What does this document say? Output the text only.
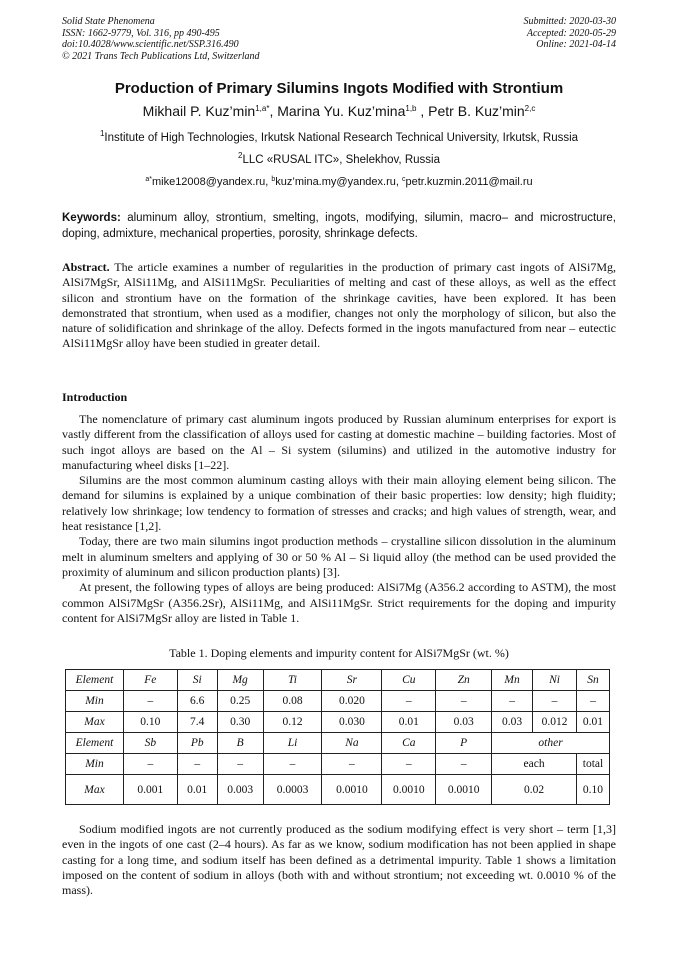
Solid State Phenomena
ISSN: 1662-9779, Vol. 316, pp 490-495
doi:10.4028/www.scientific.net/SSP.316.490
© 2021 Trans Tech Publications Ltd, Switzerland
Submitted: 2020-03-30
Accepted: 2020-05-29
Online: 2021-04-14
Production of Primary Silumins Ingots Modified with Strontium
Mikhail P. $Kuz’\min^{1,a*}$, Marina Yu. Kuz’mina$^{1,b}$ , Petr B. $Kuz’\min^{2,c}$
$^1$Institute of High Technologies, Irkutsk National Research Technical University, Irkutsk, Russia
$^2$LLC «RUSAL ITC», Shelekhov, Russia
$^{a*}$mike12008@yandex.ru, $^b$kuz’mina.my@yandex.ru, $^c$petr.kuzmin.2011@mail.ru
Keywords: aluminum alloy, strontium, smelting, ingots, modifying, silumin, macro– and microstructure, doping, admixture, mechanical properties, porosity, shrinkage defects.
Abstract. The article examines a number of regularities in the production of primary cast ingots of AlSi7Mg, AlSi7MgSr, AlSi11Mg, and AlSi11MgSr. Peculiarities of melting and cast of these alloys, as well as the effect silicon and strontium have on the formation of the shrinkage cavities, have been explored. It has been demonstrated that strontium, when used as a modifier, changes not only the morphology of silicon, but also the nature of solidification and shrinkage of the alloy. Defects formed in the ingots manufactured from near – eutectic AlSi11MgSr alloy have been studied in greater detail.
Introduction

The nomenclature of primary cast aluminum ingots produced by Russian aluminum enterprises for export is vastly different from the classification of alloys used for casting at domestic machine – building factories. Most of such ingot alloys are based on the Al – Si system (silumins) and utilized in the automotive industry for manufacturing wheel disks [1–22].

Silumins are the most common aluminum casting alloys with their main alloying element being silicon. The demand for silumins is explained by a unique combination of their basic properties: low density; high fluidity; relatively low shrinkage; low tendency to formation of stresses and cracks; and high values of strength, wear, and heat resistance [1,2].

Today, there are two main silumins ingot production methods – crystalline silicon dissolution in the aluminum melt in aluminum smelters and applying of 30 or 50 % Al – Si liquid alloy (the method can be used provided the proximity of aluminum and silicon production plants) [3].

At present, the following types of alloys are being produced: AlSi7Mg (A356.2 according to ASTM), the most common AlSi7MgSr (A356.2Sr), AlSi11Mg, and AlSi11MgSr. Strict requirements for the doping and impurity content for AlSi7MgSr alloy are listed in Table 1.

Table 1. Doping elements and impurity content for AlSi7MgSr (wt. %)
Element	Fe	Si	Mg	Ti	Sr	Cu	Zn	Mn	Ni	Sn
Min	–	6.6	0.25	0.08	0.020	–	–	–	–	–
Max	0.10	7.4	0.30	0.12	0.030	0.01	0.03	0.03	0.012	0.01
Element	Sb	Pb	B	Li	Na	Ca	P	other		
Min	–	–	–	–	–	–	–	each		total
Max	0.001	0.01	0.003	0.0003	0.0010	0.0010	0.0010	0.02		0.10

Sodium modified ingots are not currently produced as the sodium modifying effect is very short – term [1,3] even in the ingots of one cast (2–4 hours). As far as we know, sodium modification has not been applied in shape casting for a long time, and sodium itself has been defined as a detrimental impurity. Table 1 shows a limitation imposed on the content of sodium in alloys (both with and without strontium; not exceeding wt. 0.0010 % of the mass).
